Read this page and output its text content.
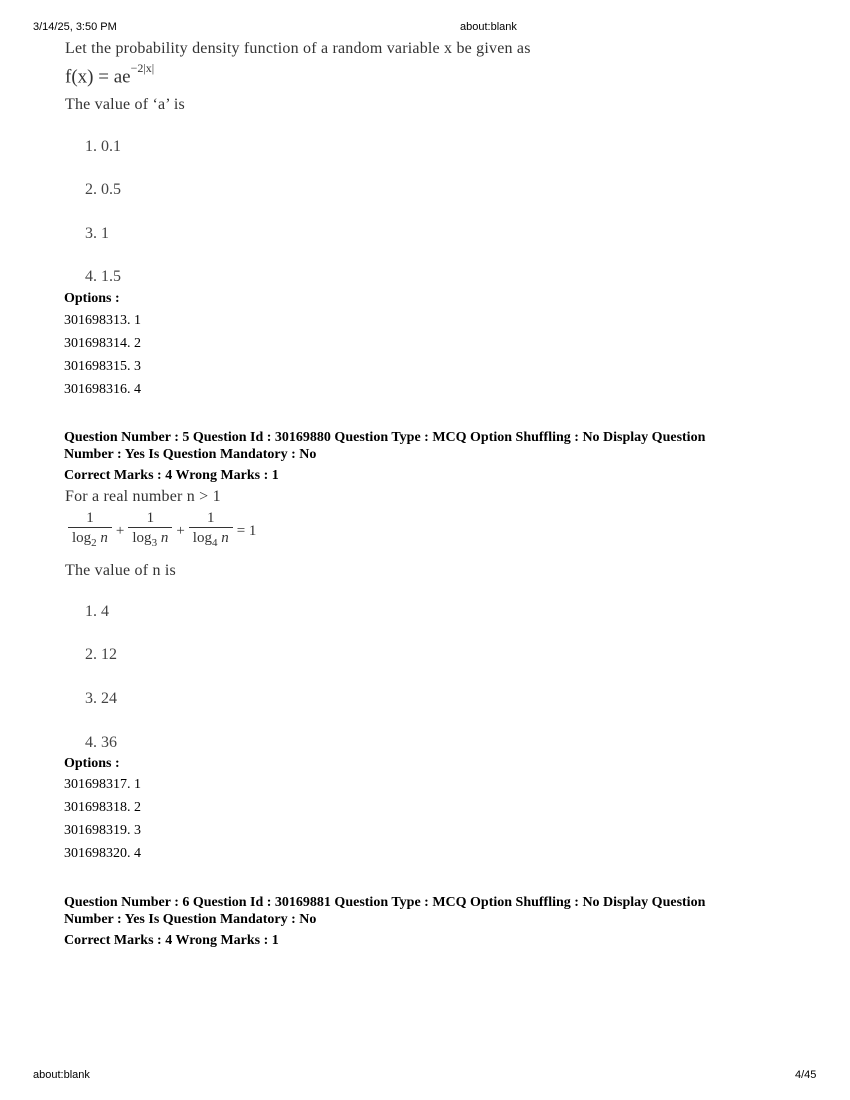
3/14/25, 3:50 PM	about:blank
Let the probability density function of a random variable x be given as
$f(x) = ae^{-2|x|}$
The value of ‘a’ is
1. 0.1
2. 0.5
3. 1
4. 1.5
Options :
301698313. 1
301698314. 2
301698315. 3
301698316. 4
Question Number : 5 Question Id : 30169880 Question Type : MCQ Option Shuffling : No Display Question
Number : Yes Is Question Mandatory : No
Correct Marks : 4 Wrong Marks : 1
For a real number n > 1
$\frac{1}{\log_2 n} + \frac{1}{\log_3 n} + \frac{1}{\log_4 n} = 1$
The value of n is
1. 4
2. 12
3. 24
4. 36
Options :
301698317. 1
301698318. 2
301698319. 3
301698320. 4
Question Number : 6 Question Id : 30169881 Question Type : MCQ Option Shuffling : No Display Question
Number : Yes Is Question Mandatory : No
Correct Marks : 4 Wrong Marks : 1
about:blank	4/45
